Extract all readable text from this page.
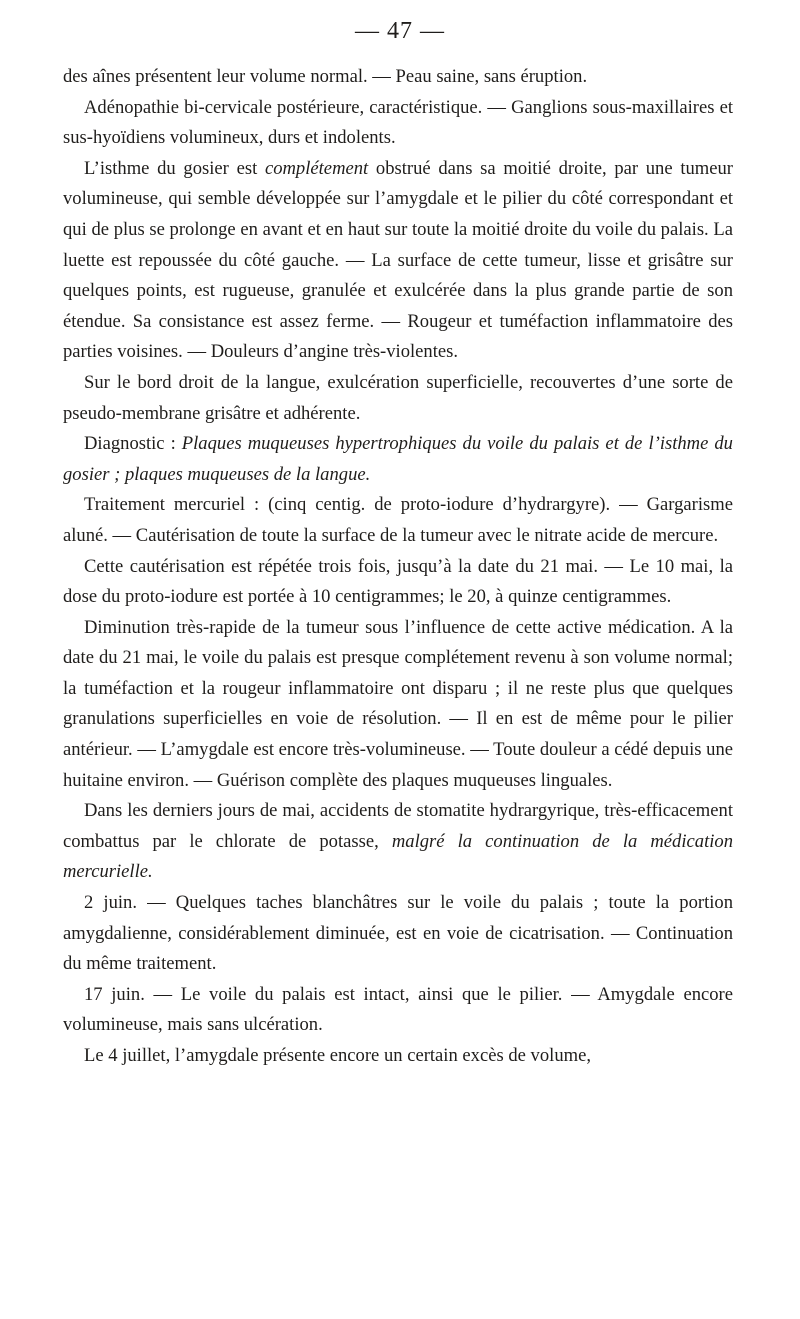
— 47 —

des aînes présentent leur volume normal. — Peau saine, sans éruption.

Adénopathie bi-cervicale postérieure, caractéristique. — Ganglions sous-maxillaires et sus-hyoïdiens volumineux, durs et indolents.

L’isthme du gosier est complétement obstrué dans sa moitié droite, par une tumeur volumineuse, qui semble développée sur l’amygdale et le pilier du côté correspondant et qui de plus se prolonge en avant et en haut sur toute la moitié droite du voile du palais. La luette est repoussée du côté gauche. — La surface de cette tumeur, lisse et grisâtre sur quelques points, est rugueuse, granulée et exulcérée dans la plus grande partie de son étendue. Sa consistance est assez ferme. — Rougeur et tuméfaction inflammatoire des parties voisines. — Douleurs d’angine très-violentes.

Sur le bord droit de la langue, exulcération superficielle, recouvertes d’une sorte de pseudo-membrane grisâtre et adhérente.

Diagnostic : Plaques muqueuses hypertrophiques du voile du palais et de l’isthme du gosier ; plaques muqueuses de la langue.

Traitement mercuriel : (cinq centig. de proto-iodure d’hydrargyre). — Gargarisme aluné. — Cautérisation de toute la surface de la tumeur avec le nitrate acide de mercure.

Cette cautérisation est répétée trois fois, jusqu’à la date du 21 mai. — Le 10 mai, la dose du proto-iodure est portée à 10 centigrammes; le 20, à quinze centigrammes.

Diminution très-rapide de la tumeur sous l’influence de cette active médication. A la date du 21 mai, le voile du palais est presque complétement revenu à son volume normal; la tuméfaction et la rougeur inflammatoire ont disparu ; il ne reste plus que quelques granulations superficielles en voie de résolution. — Il en est de même pour le pilier antérieur. — L’amygdale est encore très-volumineuse. — Toute douleur a cédé depuis une huitaine environ. — Guérison complète des plaques muqueuses linguales.

Dans les derniers jours de mai, accidents de stomatite hydrargyrique, très-efficacement combattus par le chlorate de potasse, malgré la continuation de la médication mercurielle.

2 juin. — Quelques taches blanchâtres sur le voile du palais ; toute la portion amygdalienne, considérablement diminuée, est en voie de cicatrisation. — Continuation du même traitement.

17 juin. — Le voile du palais est intact, ainsi que le pilier. — Amygdale encore volumineuse, mais sans ulcération.

Le 4 juillet, l’amygdale présente encore un certain excès de volume,
